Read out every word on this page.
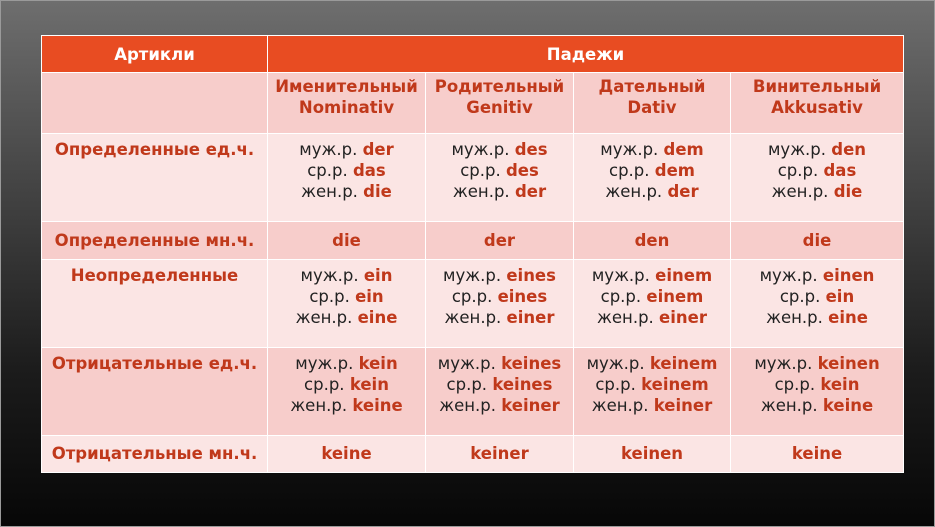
Артикли	Падежи			

	Именительный
Nominativ	Родительный
Genitiv	Дательный
Dativ	Винительный
Akkusativ

Определенные ед.ч.	муж.р. der
ср.р. das
жен.р. die	муж.р. des
ср.р. des
жен.р. der	муж.р. dem
ср.р. dem
жен.р. der	муж.р. den
ср.р. das
жен.р. die

Определенные мн.ч.	die	der	den	die

Неопределенные	муж.р. ein
ср.р. ein
жен.р. eine	муж.р. eines
ср.р. eines
жен.р. einer	муж.р. einem
ср.р. einem
жен.р. einer	муж.р. einen
ср.р. ein
жен.р. eine

Отрицательные ед.ч.	муж.р. kein
ср.р. kein
жен.р. keine	муж.р. keines
ср.р. keines
жен.р. keiner	муж.р. keinem
ср.р. keinem
жен.р. keiner	муж.р. keinen
ср.р. kein
жен.р. keine

Отрицательные мн.ч.	keine	keiner	keinen	keine
